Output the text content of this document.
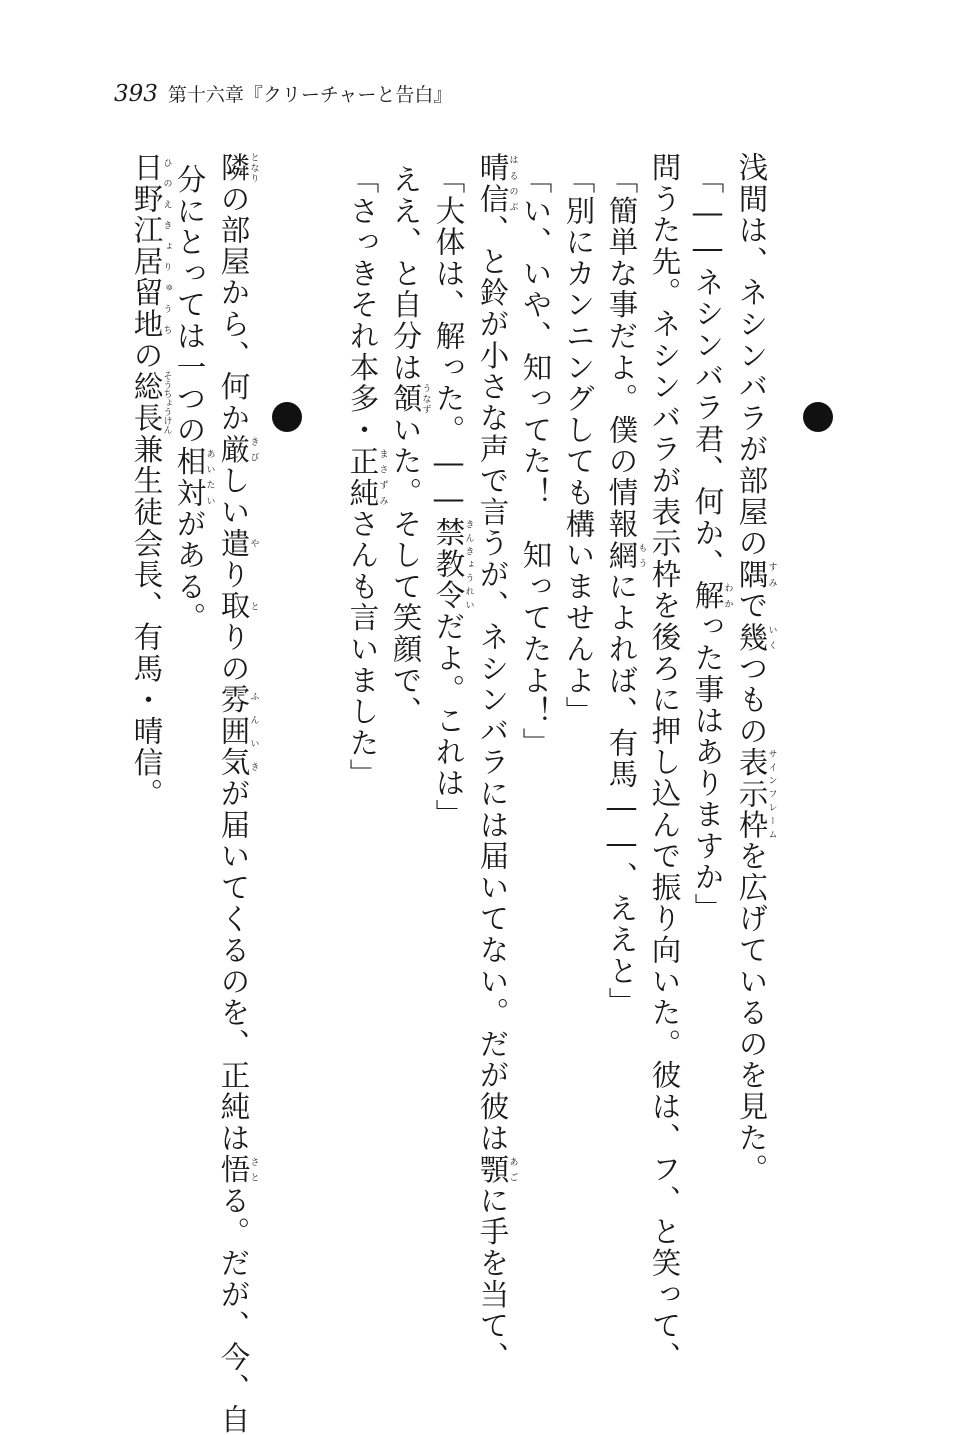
393 第十六章『クリーチャーと告白』
浅間は、ネシンバラが部屋の隅すみで幾いくつもの表示枠サインフレームを広げているのを見た。
「――ネシンバラ君、何か、解わかった事はありますか」
問うた先。ネシンバラが表示枠を後ろに押し込んで振り向いた。彼は、フ、と笑って、
「簡単な事だよ。僕の情報網もうによれば、有馬――、ええと」
「別にカンニングしても構いませんよ」
「い、いや、知ってた！　知ってたよ！」
晴信はるのぶ、と鈴が小さな声で言うが、ネシンバラには届いてない。だが彼は顎あごに手を当て、
「大体は、解った。――禁教令きんきょうれいだよ。これは」
ええ、と自分は頷うなずいた。そして笑顔で、
「さっきそれ本多・正純まさずみさんも言いました」
隣となりの部屋から、何か厳きびしい遣やり取とりの雰囲気ふんいきが届いてくるのを、正純は悟さとる。だが、今、自
分にとっては一つの相対あいたいがある。
日野江居留地ひのえきょりゅうちの総長そうちょうけん兼生徒会長、有馬・晴信。
